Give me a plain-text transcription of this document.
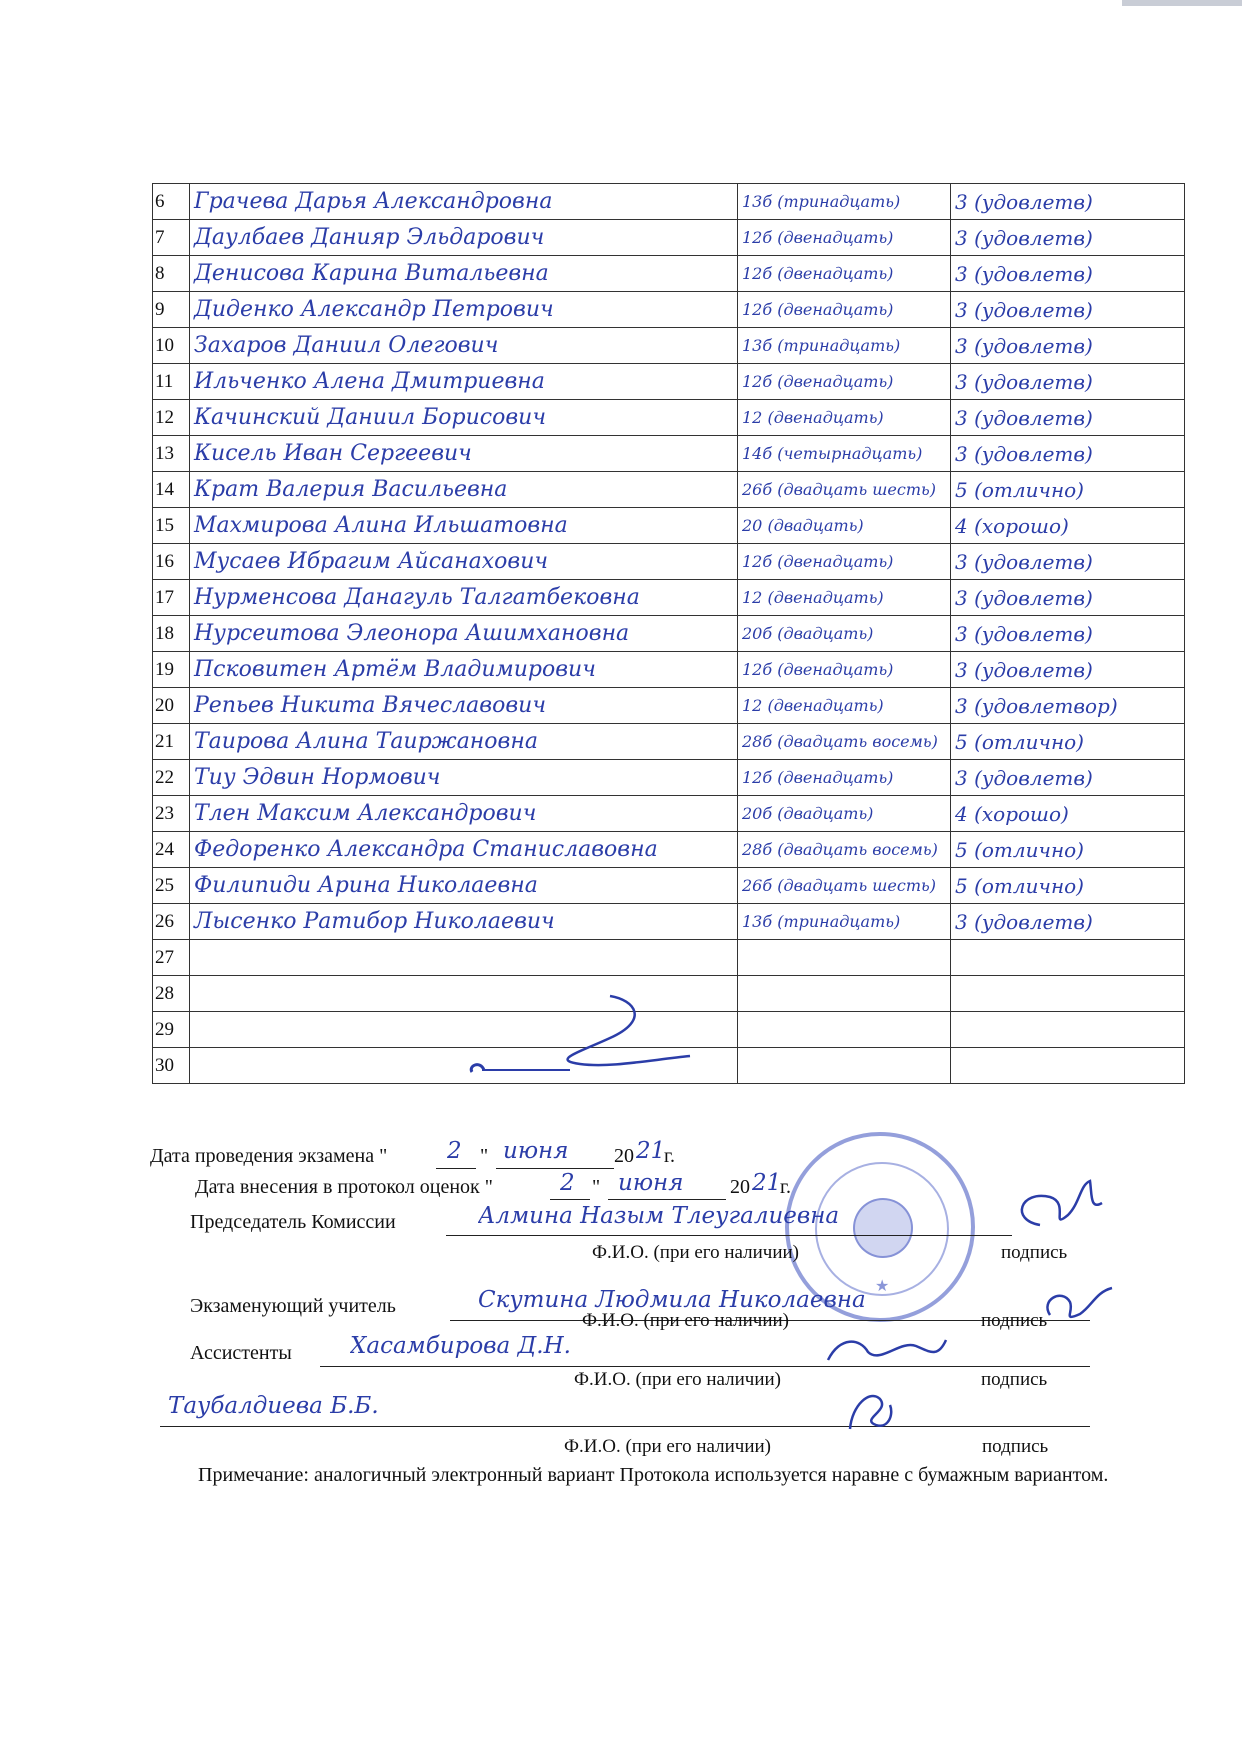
6	Грачева Дарья Александровна	13б (тринадцать)	3 (удовлетв)
7	Даулбаев Данияр Эльдарович	12б (двенадцать)	3 (удовлетв)
8	Денисова Карина Витальевна	12б (двенадцать)	3 (удовлетв)
9	Диденко Александр Петрович	12б (двенадцать)	3 (удовлетв)
10	Захаров Даниил Олегович	13б (тринадцать)	3 (удовлетв)
11	Ильченко Алена Дмитриевна	12б (двенадцать)	3 (удовлетв)
12	Качинский Даниил Борисович	12 (двенадцать)	3 (удовлетв)
13	Кисель Иван Сергеевич	14б (четырнадцать)	3 (удовлетв)
14	Крат Валерия Васильевна	26б (двадцать шесть)	5 (отлично)
15	Махмирова Алина Ильшатовна	20 (двадцать)	4 (хорошо)
16	Мусаев Ибрагим Айсанахович	12б (двенадцать)	3 (удовлетв)
17	Нурменсова Данагуль Талгатбековна	12 (двенадцать)	3 (удовлетв)
18	Нурсеитова Элеонора Ашимхановна	20б (двадцать)	3 (удовлетв)
19	Псковитен Артём Владимирович	12б (двенадцать)	3 (удовлетв)
20	Репьев Никита Вячеславович	12 (двенадцать)	3 (удовлетвор)
21	Таирова Алина Таиржановна	28б (двадцать восемь)	5 (отлично)
22	Тиу Эдвин Нормович	12б (двенадцать)	3 (удовлетв)
23	Тлен Максим Александрович	20б (двадцать)	4 (хорошо)
24	Федоренко Александра Станиславовна	28б (двадцать восемь)	5 (отлично)
25	Филипиди Арина Николаевна	26б (двадцать шесть)	5 (отлично)
26	Лысенко Ратибор Николаевич	13б (тринадцать)	3 (удовлетв)
27			
28			
29			
30			
Дата проведения экзамена "	2 " июня 20 21
г.
Дата внесения в протокол оценок "	2 " июня 20 21
г.
★
Председатель Комиссии	Алмина Назым Тлеугалиевна
Ф.И.О. (при его наличии)	подпись
Экзаменующий учитель	Скутина Людмила Николаевна
Ф.И.О. (при его наличии)	подпись
Ассистенты	Хасамбирова Д.Н.
Ф.И.О. (при его наличии)	подпись
Таубалдиева Б.Б.
Ф.И.О. (при его наличии)	подпись
Примечание: аналогичный электронный вариант Протокола используется наравне с бумажным вариантом.
